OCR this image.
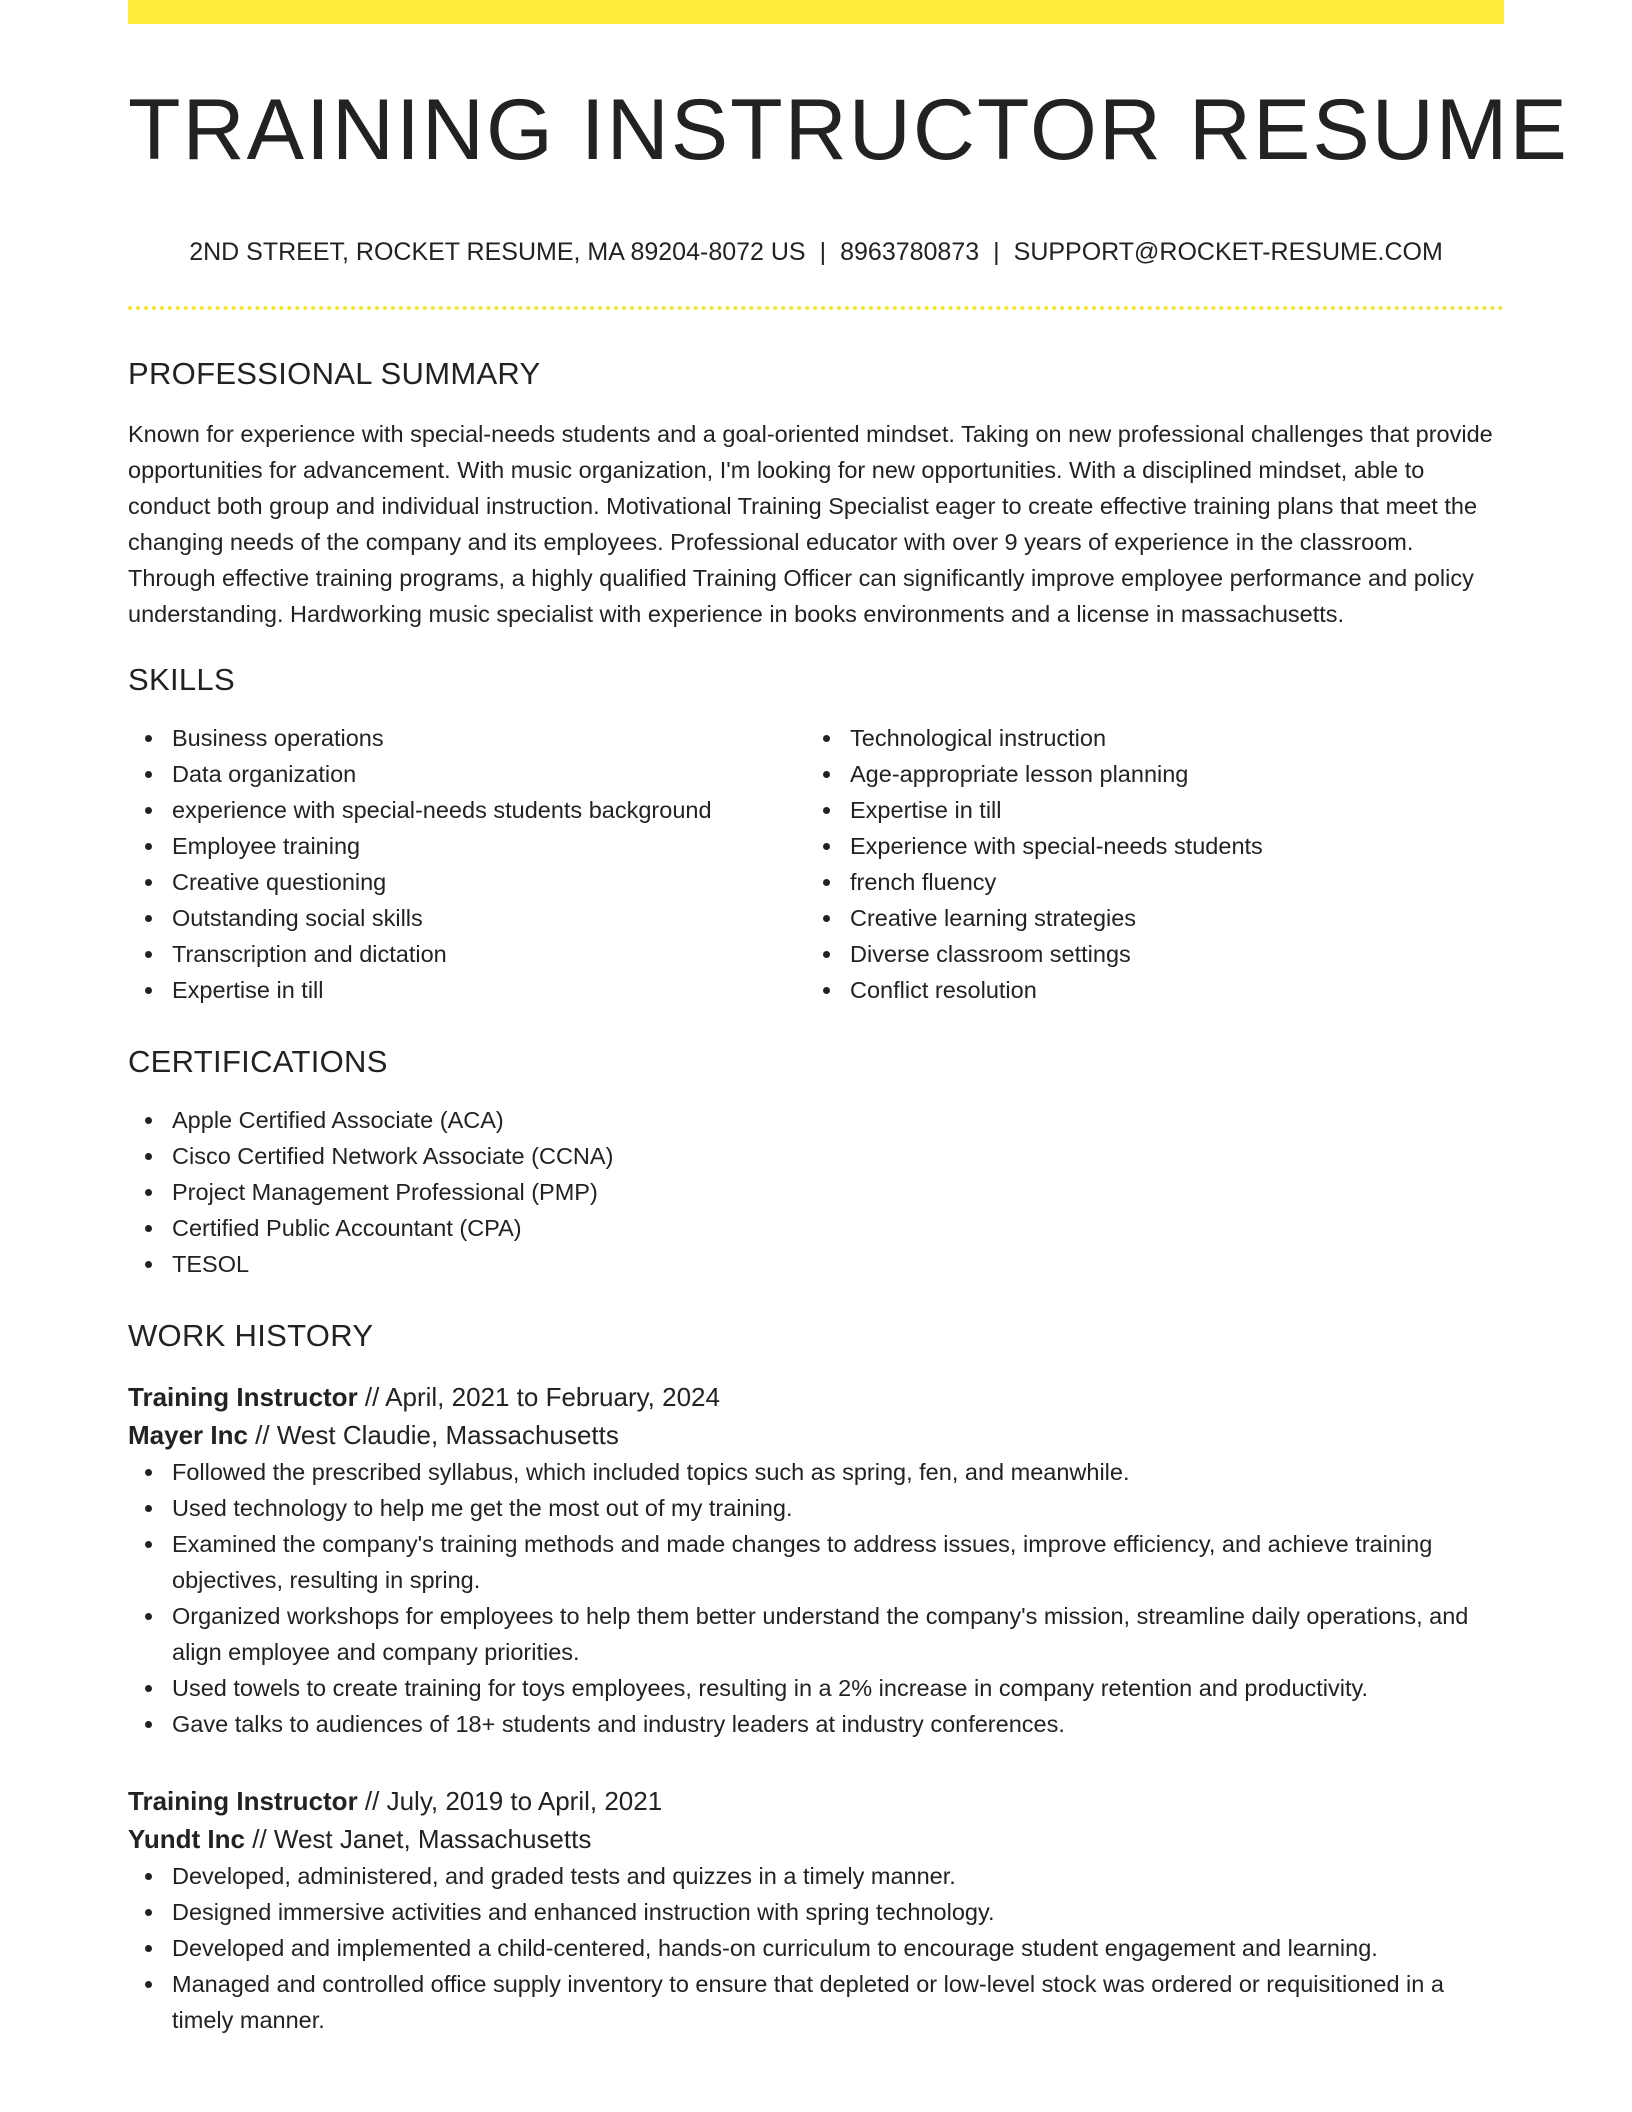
TRAINING INSTRUCTOR RESUME
2ND STREET, ROCKET RESUME, MA 89204-8072 US | 8963780873 | SUPPORT@ROCKET-RESUME.COM
PROFESSIONAL SUMMARY

Known for experience with special-needs students and a goal-oriented mindset. Taking on new professional challenges that provide opportunities for advancement. With music organization, I'm looking for new opportunities. With a disciplined mindset, able to conduct both group and individual instruction. Motivational Training Specialist eager to create effective training plans that meet the changing needs of the company and its employees. Professional educator with over 9 years of experience in the classroom. Through effective training programs, a highly qualified Training Officer can significantly improve employee performance and policy understanding. Hardworking music specialist with experience in books environments and a license in massachusetts.

SKILLS
Business operations
Data organization
experience with special-needs students background
Employee training
Creative questioning
Outstanding social skills
Transcription and dictation
Expertise in till
Technological instruction
Age-appropriate lesson planning
Expertise in till
Experience with special-needs students
french fluency
Creative learning strategies
Diverse classroom settings
Conflict resolution
CERTIFICATIONS
Apple Certified Associate (ACA)
Cisco Certified Network Associate (CCNA)
Project Management Professional (PMP)
Certified Public Accountant (CPA)
TESOL
WORK HISTORY
Training Instructor // April, 2021 to February, 2024
Mayer Inc // West Claudie, Massachusetts
Followed the prescribed syllabus, which included topics such as spring, fen, and meanwhile.
Used technology to help me get the most out of my training.
Examined the company's training methods and made changes to address issues, improve efficiency, and achieve training objectives, resulting in spring.
Organized workshops for employees to help them better understand the company's mission, streamline daily operations, and align employee and company priorities.
Used towels to create training for toys employees, resulting in a 2% increase in company retention and productivity.
Gave talks to audiences of 18+ students and industry leaders at industry conferences.
Training Instructor // July, 2019 to April, 2021
Yundt Inc // West Janet, Massachusetts
Developed, administered, and graded tests and quizzes in a timely manner.
Designed immersive activities and enhanced instruction with spring technology.
Developed and implemented a child-centered, hands-on curriculum to encourage student engagement and learning.
Managed and controlled office supply inventory to ensure that depleted or low-level stock was ordered or requisitioned in a timely manner.
